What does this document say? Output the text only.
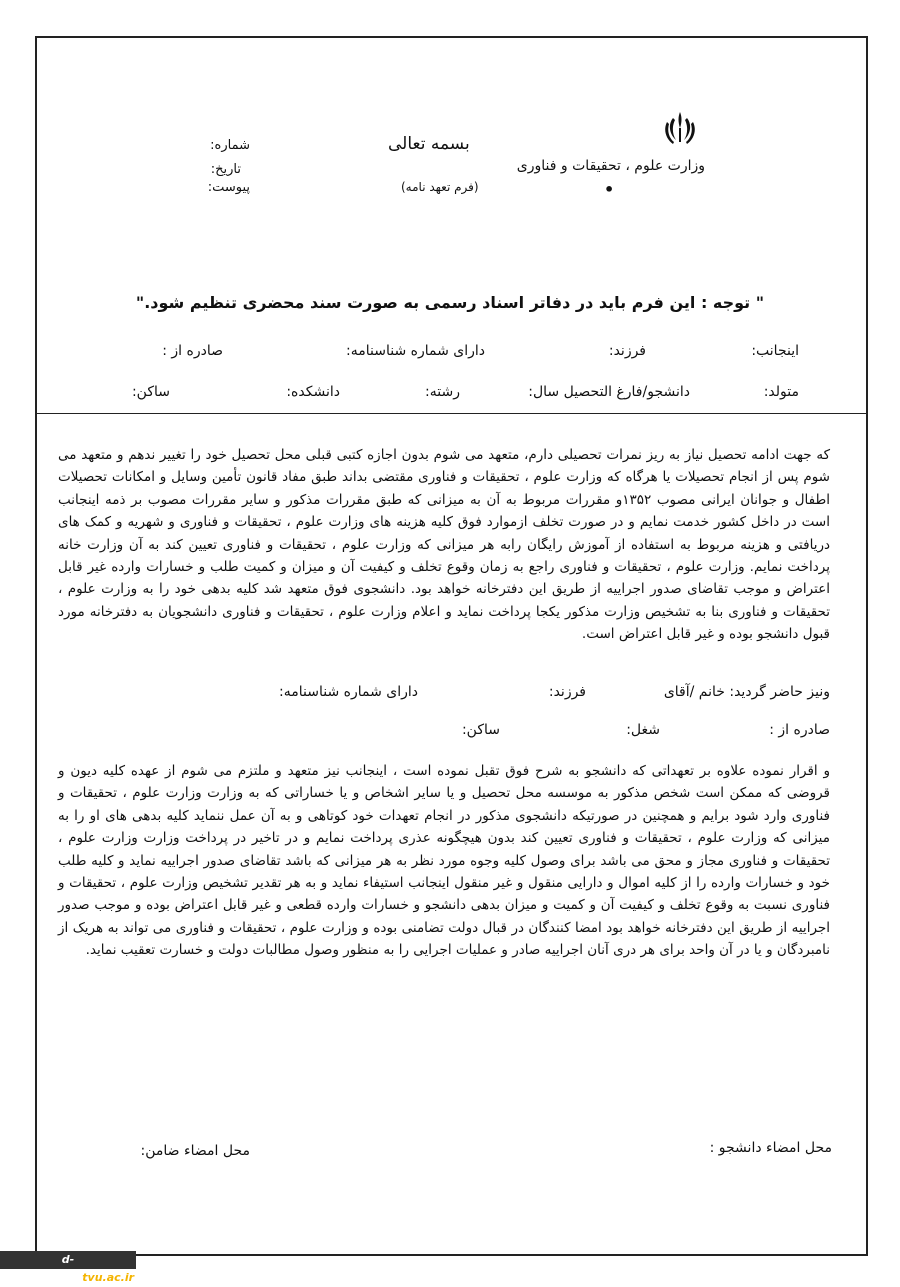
وزارت علوم ، تحقیقات و فناوری
•
بسمه تعالی
(فرم تعهد نامه)
شماره:
تاریخ:
پیوست:
" توجه : این فرم باید در دفاتر اسناد رسمی به صورت سند محضری تنظیم شود."
اینجانب:
فرزند:
دارای شماره شناسنامه:
صادره از :
متولد:
دانشجو/فارغ التحصیل سال:
رشته:
دانشکده:
ساکن:
که جهت ادامه تحصیل نیاز به ریز نمرات تحصیلی دارم، متعهد می شوم بدون اجازه کتبی قبلی محل تحصیل خود را تغییر ندهم و متعهد می شوم پس از انجام تحصیلات یا هرگاه که وزارت علوم ، تحقیقات و فناوری مقتضی بداند طبق مفاد قانون تأمین وسایل و امکانات تحصیلات اطفال و جوانان ایرانی مصوب ۱۳۵۲و مقررات مربوط به آن به میزانی که طبق مقررات مذکور و سایر مقررات مصوب بر ذمه اینجانب است در داخل کشور خدمت نمایم و در صورت تخلف ازموارد فوق کلیه هزینه های وزارت علوم ، تحقیقات و فناوری و شهریه و کمک های دریافتی و هزینه مربوط به استفاده از آموزش رایگان رابه هر میزانی که وزارت علوم ، تحقیقات و فناوری تعیین کند به آن وزارت خانه پرداخت نمایم. وزارت علوم ، تحقیقات و فناوری راجع به زمان وقوع تخلف و کیفیت آن و میزان و کمیت طلب و خسارات وارده غیر قابل اعتراض و موجب تقاضای صدور اجراییه از طریق این دفترخانه خواهد بود. دانشجوی فوق متعهد شد کلیه بدهی خود را به وزارت علوم ، تحقیقات و فناوری بنا به تشخیص وزارت مذکور یکجا پرداخت نماید و اعلام وزارت علوم ، تحقیقات و فناوری دانشجویان به دفترخانه مورد قبول دانشجو بوده و غیر قابل اعتراض است.
ونیز حاضر گردید: خانم /آقای
فرزند:
دارای شماره شناسنامه:
صادره از :
شغل:
ساکن:
و اقرار نموده علاوه بر تعهداتی که دانشجو به شرح فوق تقبل نموده است ، اینجانب نیز متعهد و ملتزم می شوم از عهده کلیه دیون و قروضی که ممکن است شخص مذکور به موسسه محل تحصیل و یا سایر اشخاص و یا خساراتی که به وزارت وزارت علوم ، تحقیقات و فناوری وارد شود برایم و همچنین در صورتیکه دانشجوی مذکور در انجام تعهدات خود کوتاهی و به آن عمل ننماید کلیه بدهی های او را به میزانی که وزارت علوم ، تحقیقات و فناوری تعیین کند بدون هیچگونه عذری پرداخت نمایم و در تاخیر در پرداخت وزارت وزارت علوم ، تحقیقات و فناوری مجاز و محق می باشد برای وصول کلیه وجوه مورد نظر به هر میزانی که باشد تقاضای صدور اجراییه نماید و کلیه طلب خود و خسارات وارده را از کلیه اموال و دارایی منقول و غیر منقول اینجانب استیفاء نماید و به هر تقدیر تشخیص وزارت علوم ، تحقیقات و فناوری نسبت به وقوع تخلف و کیفیت آن و کمیت و میزان بدهی دانشجو و خسارات وارده قطعی و غیر قابل اعتراض بوده و موجب صدور اجراییه از طریق این دفترخانه خواهد بود امضا کنندگان در قبال دولت تضامنی بوده و وزارت علوم ، تحقیقات و فناوری می تواند به هریک از نامبردگان و یا در آن واحد برای هر دری آنان اجراییه صادر و عملیات اجرایی را به منظور وصول مطالبات دولت و خسارت تعقیب نماید.
محل امضاء دانشجو :
محل امضاء ضامن:
d-kermanshah.tvu.ac.ir
